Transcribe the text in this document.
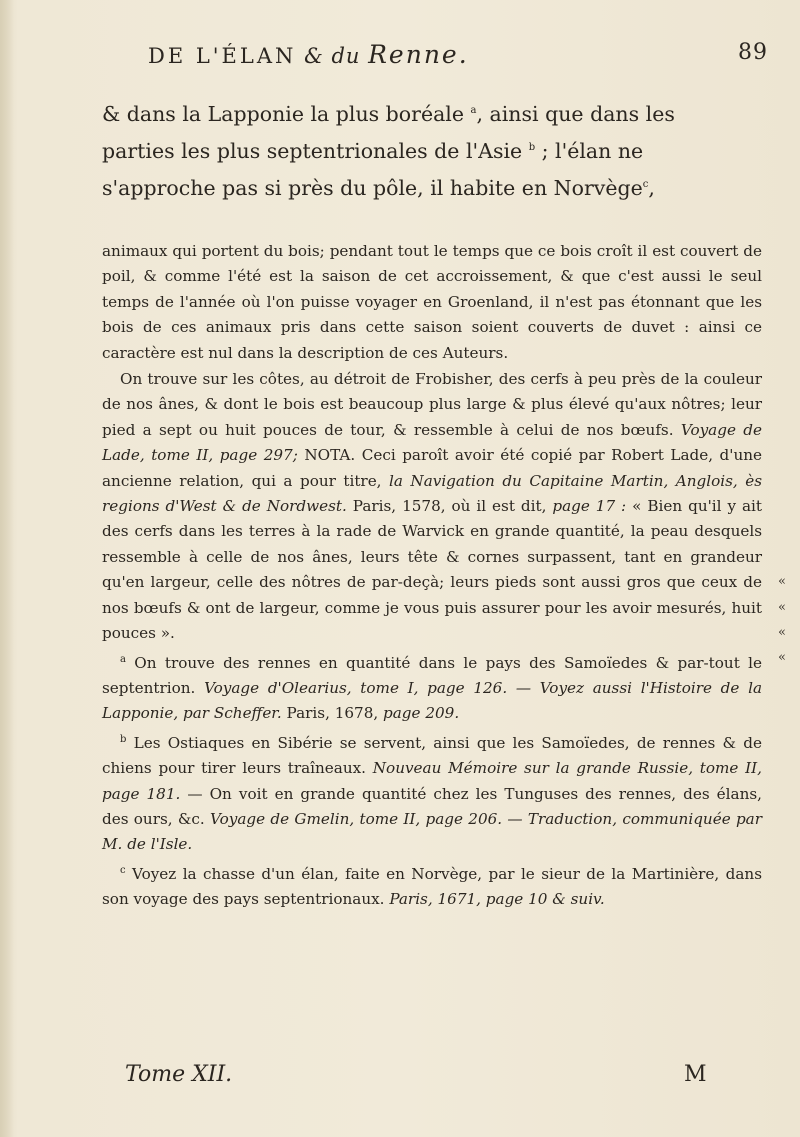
DE L'ÉLAN & du Renne.	89

& dans la Lapponie la plus boréale $^a$, ainsi que dans les

parties les plus septentrionales de l'Asie $^b$ ; l'élan ne

s'approche pas si près du pôle, il habite en Norvège$^c$,

animaux qui portent du bois; pendant tout le temps que ce bois croît il est couvert de poil, & comme l'été est la saison de cet accroissement, & que c'est aussi le seul temps de l'année où l'on puisse voyager en Groenland, il n'est pas étonnant que les bois de ces animaux pris dans cette saison soient couverts de duvet : ainsi ce caractère est nul dans la description de ces Auteurs.

On trouve sur les côtes, au détroit de Frobisher, des cerfs à peu près de la couleur de nos ânes, & dont le bois est beaucoup plus large & plus élevé qu'aux nôtres; leur pied a sept ou huit pouces de tour, & ressemble à celui de nos bœufs. Voyage de Lade, tome II, page 297; NOTA. Ceci paroît avoir été copié par Robert Lade, d'une ancienne relation, qui a pour titre, la Navigation du Capitaine Martin, Anglois, ès regions d'West & de Nordwest. Paris, 1578, où il est dit, page 17 : « Bien qu'il y ait des cerfs dans les terres à la rade de Warvick en grande quantité, la peau desquels ressemble à celle de nos ânes, leurs tête & cornes surpassent, tant en grandeur qu'en largeur, celle des nôtres de par-deçà; leurs pieds sont aussi gros que ceux de nos bœufs & ont de largeur, comme je vous puis assurer pour les avoir mesurés, huit pouces ».

«
«
«
«

$^a$ On trouve des rennes en quantité dans le pays des Samoïedes & par-tout le septentrion. Voyage d'Olearius, tome I, page 126. — Voyez aussi l'Histoire de la Lapponie, par Scheffer. Paris, 1678, page 209.

$^b$ Les Ostiaques en Sibérie se servent, ainsi que les Samoïedes, de rennes & de chiens pour tirer leurs traîneaux. Nouveau Mémoire sur la grande Russie, tome II, page 181. — On voit en grande quantité chez les Tunguses des rennes, des élans, des ours, &c. Voyage de Gmelin, tome II, page 206. — Traduction, communiquée par M. de l'Isle.

$^c$ Voyez la chasse d'un élan, faite en Norvège, par le sieur de la Martinière, dans son voyage des pays septentrionaux. Paris, 1671, page 10 & suiv.

Tome XII.	M
